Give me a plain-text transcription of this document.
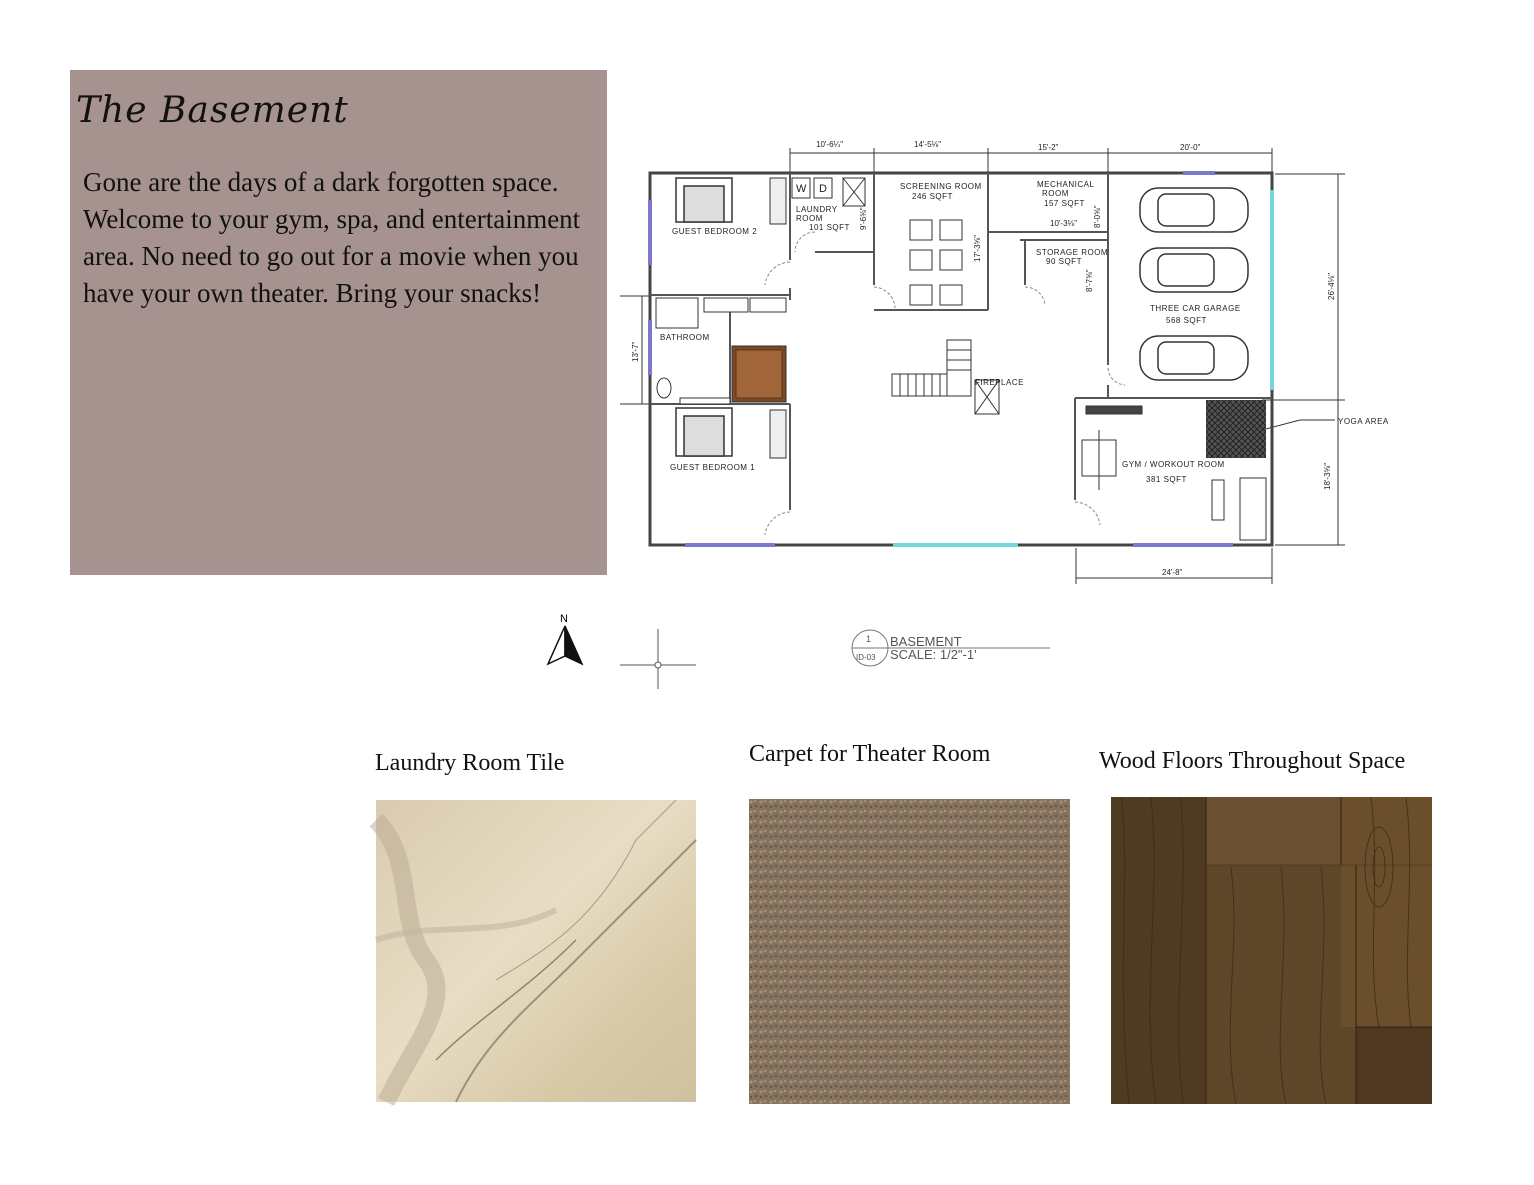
The Basement

Gone are the days of a dark forgotten space. Welcome to your gym, spa, and entertainment area. No need to go out for a movie when you have your own theater. Bring your snacks!

10'-6¼"	14'-5⅛"	15'-2"	20'-0"
24'-8"
26'-4⅛"
18'-3⅝"
13'-7"
9'-6⅝"
17'-3⅝"
8'-0⅝"
10'-3⅛"
8'-7⅝"
GUEST BEDROOM 2
GUEST BEDROOM 1
BATHROOM
LAUNDRY
ROOM
101 SQFT
W D	SCREENING ROOM
246 SQFT
MECHANICAL
ROOM
157 SQFT
STORAGE ROOM
90 SQFT
THREE CAR GARAGE
568 SQFT
FIREPLACE
GYM / WORKOUT ROOM
381 SQFT
YOGA AREA
N
1
ID-03
BASEMENT
SCALE: 1/2"-1'
Laundry Room Tile	Carpet for Theater Room	Wood Floors Throughout Space
